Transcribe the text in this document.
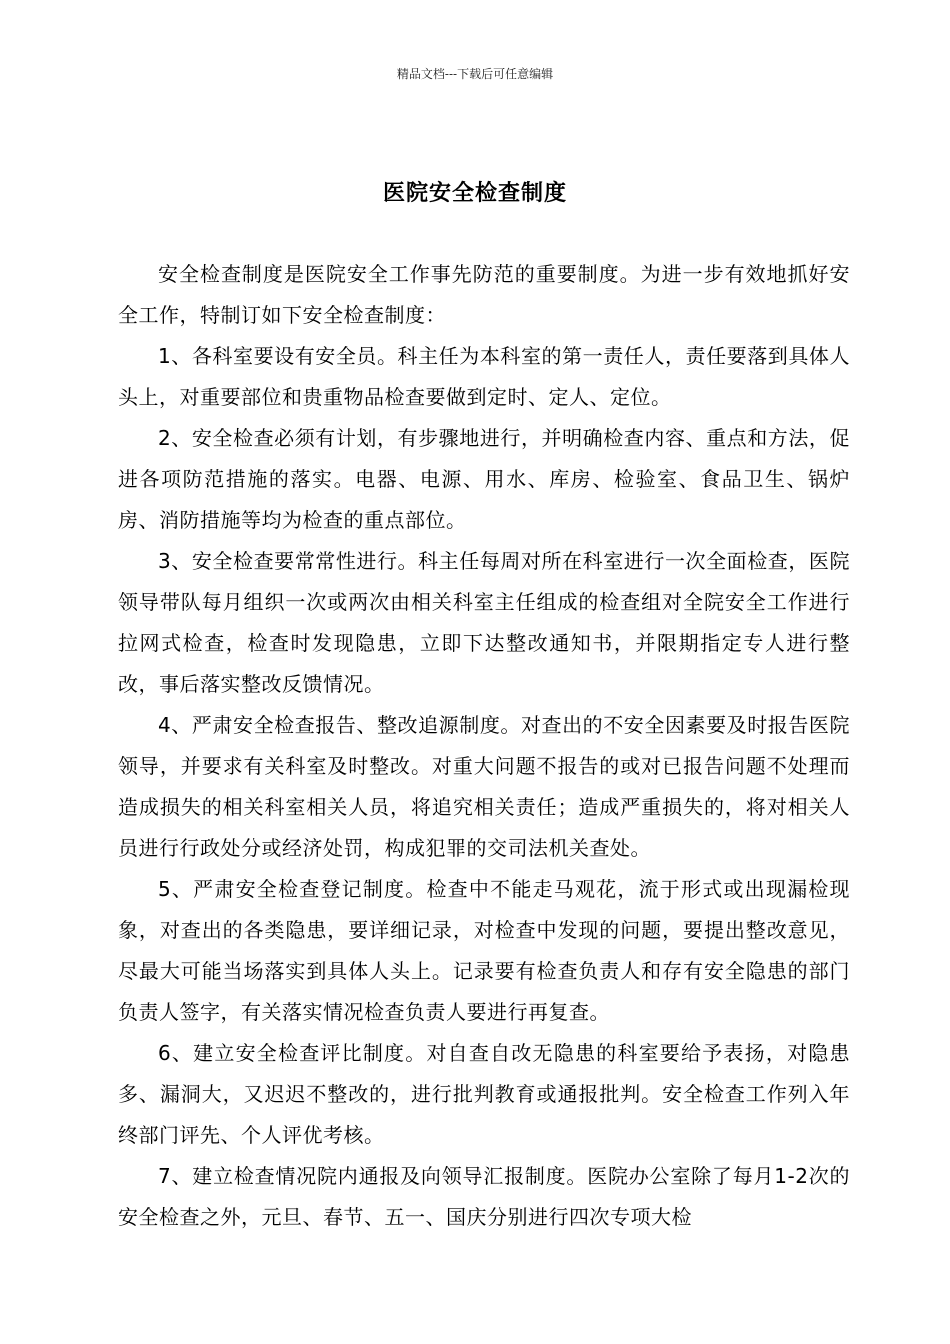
精品文档---下载后可任意编辑
医院安全检查制度

安全检查制度是医院安全工作事先防范的重要制度。为进一步有效地抓好安全工作，特制订如下安全检查制度：

1、各科室要设有安全员。科主任为本科室的第一责任人，责任要落到具体人头上，对重要部位和贵重物品检查要做到定时、定人、定位。

2、安全检查必须有计划，有步骤地进行，并明确检查内容、重点和方法，促进各项防范措施的落实。电器、电源、用水、库房、检验室、食品卫生、锅炉房、消防措施等均为检查的重点部位。

3、安全检查要常常性进行。科主任每周对所在科室进行一次全面检查，医院领导带队每月组织一次或两次由相关科室主任组成的检查组对全院安全工作进行拉网式检查，检查时发现隐患，立即下达整改通知书，并限期指定专人进行整改，事后落实整改反馈情况。

4、严肃安全检查报告、整改追源制度。对查出的不安全因素要及时报告医院领导，并要求有关科室及时整改。对重大问题不报告的或对已报告问题不处理而造成损失的相关科室相关人员，将追究相关责任；造成严重损失的，将对相关人员进行行政处分或经济处罚，构成犯罪的交司法机关查处。

5、严肃安全检查登记制度。检查中不能走马观花，流于形式或出现漏检现象，对查出的各类隐患，要详细记录，对检查中发现的问题，要提出整改意见，尽最大可能当场落实到具体人头上。记录要有检查负责人和存有安全隐患的部门负责人签字，有关落实情况检查负责人要进行再复查。

6、建立安全检查评比制度。对自查自改无隐患的科室要给予表扬，对隐患多、漏洞大，又迟迟不整改的，进行批判教育或通报批判。安全检查工作列入年终部门评先、个人评优考核。

7、建立检查情况院内通报及向领导汇报制度。医院办公室除了每月1-2次的安全检查之外，元旦、春节、五一、国庆分别进行四次专项大检
